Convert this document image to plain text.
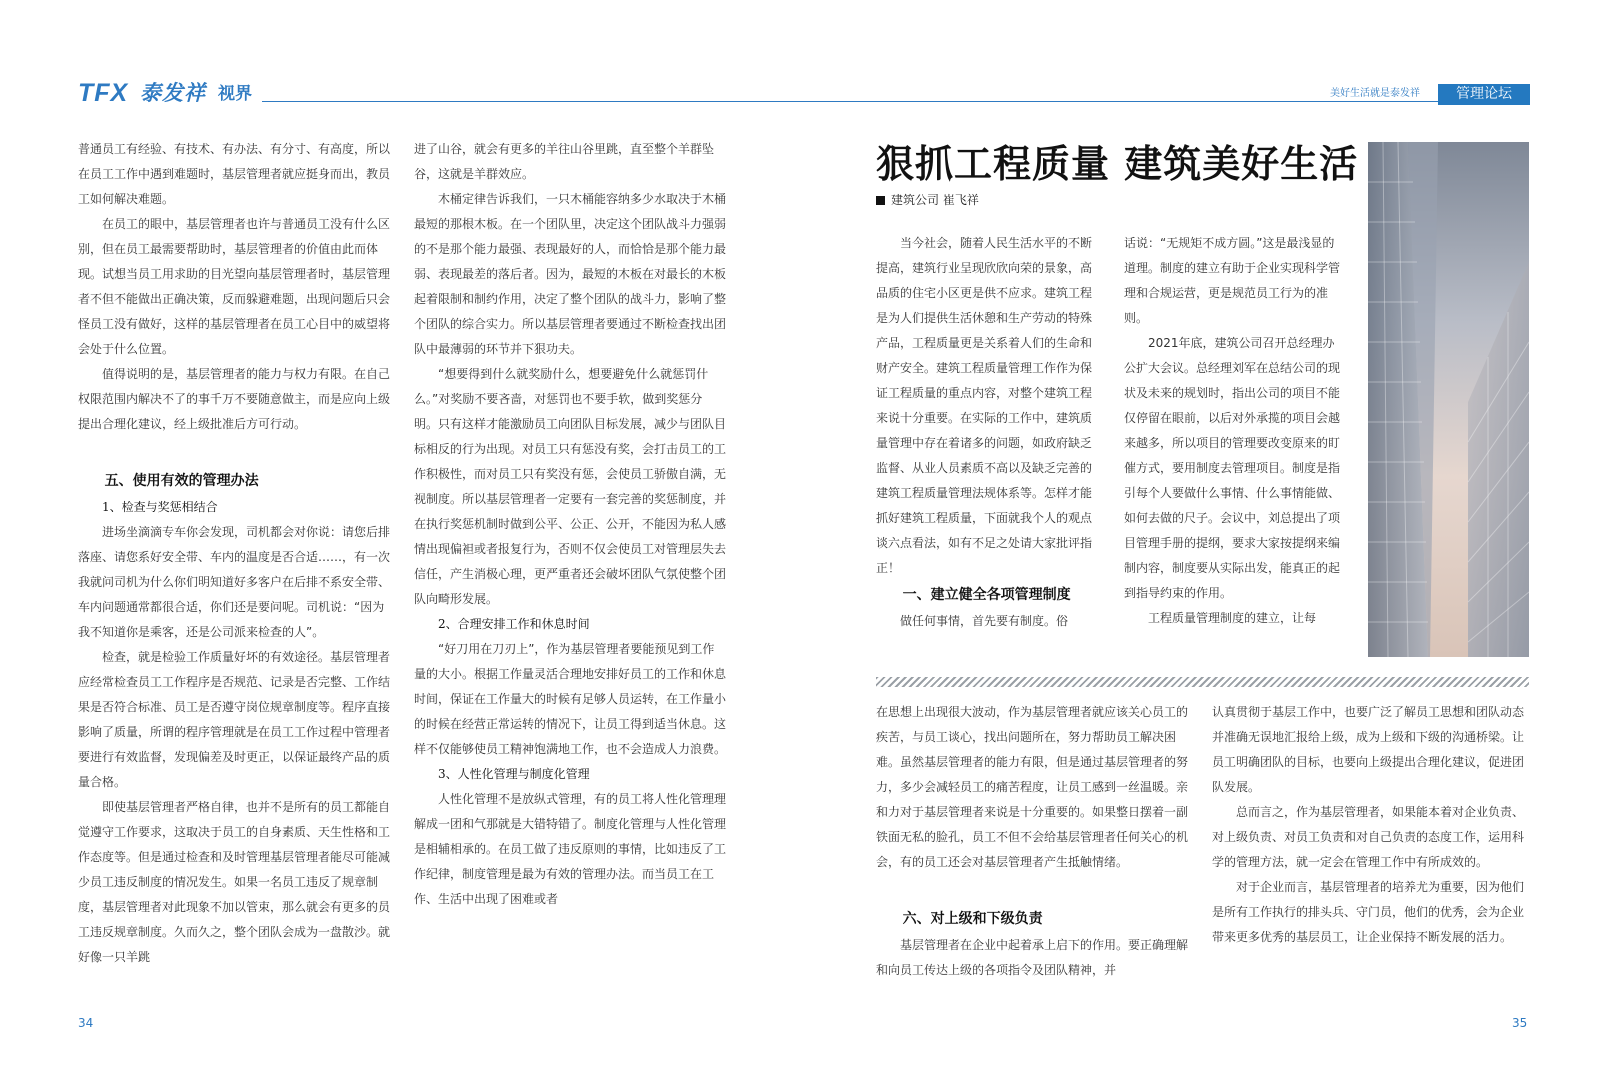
TFX 泰发祥 视界	美好生活就是泰发祥	管理论坛

普通员工有经验、有技术、有办法、有分寸、有高度，所以在员工工作中遇到难题时，基层管理者就应挺身而出，教员工如何解决难题。

在员工的眼中，基层管理者也许与普通员工没有什么区别，但在员工最需要帮助时，基层管理者的价值由此而体现。试想当员工用求助的目光望向基层管理者时，基层管理者不但不能做出正确决策，反而躲避难题，出现问题后只会怪员工没有做好，这样的基层管理者在员工心目中的威望将会处于什么位置。

值得说明的是，基层管理者的能力与权力有限。在自己权限范围内解决不了的事千万不要随意做主，而是应向上级提出合理化建议，经上级批准后方可行动。

五、使用有效的管理办法
1、检查与奖惩相结合

进场坐滴滴专车你会发现，司机都会对你说：请您后排落座、请您系好安全带、车内的温度是否合适……，有一次我就问司机为什么你们明知道好多客户在后排不系安全带、车内问题通常都很合适，你们还是要问呢。司机说：“因为我不知道你是乘客，还是公司派来检查的人”。

检查，就是检验工作质量好坏的有效途径。基层管理者应经常检查员工工作程序是否规范、记录是否完整、工作结果是否符合标准、员工是否遵守岗位规章制度等。程序直接影响了质量，所谓的程序管理就是在员工工作过程中管理者要进行有效监督，发现偏差及时更正，以保证最终产品的质量合格。

即使基层管理者严格自律，也并不是所有的员工都能自觉遵守工作要求，这取决于员工的自身素质、天生性格和工作态度等。但是通过检查和及时管理基层管理者能尽可能减少员工违反制度的情况发生。如果一名员工违反了规章制度，基层管理者对此现象不加以管束，那么就会有更多的员工违反规章制度。久而久之，整个团队会成为一盘散沙。就好像一只羊跳

进了山谷，就会有更多的羊往山谷里跳，直至整个羊群坠谷，这就是羊群效应。

木桶定律告诉我们，一只木桶能容纳多少水取决于木桶最短的那根木板。在一个团队里，决定这个团队战斗力强弱的不是那个能力最强、表现最好的人，而恰恰是那个能力最弱、表现最差的落后者。因为，最短的木板在对最长的木板起着限制和制约作用，决定了整个团队的战斗力，影响了整个团队的综合实力。所以基层管理者要通过不断检查找出团队中最薄弱的环节并下狠功夫。

“想要得到什么就奖励什么，想要避免什么就惩罚什么。”对奖励不要吝啬，对惩罚也不要手软，做到奖惩分明。只有这样才能激励员工向团队目标发展，减少与团队目标相反的行为出现。对员工只有惩没有奖，会打击员工的工作积极性，而对员工只有奖没有惩，会使员工骄傲自满，无视制度。所以基层管理者一定要有一套完善的奖惩制度，并在执行奖惩机制时做到公平、公正、公开，不能因为私人感情出现偏袒或者报复行为，否则不仅会使员工对管理层失去信任，产生消极心理，更严重者还会破坏团队气氛使整个团队向畸形发展。

2、合理安排工作和休息时间

“好刀用在刀刃上”，作为基层管理者要能预见到工作量的大小。根据工作量灵活合理地安排好员工的工作和休息时间，保证在工作量大的时候有足够人员运转，在工作量小的时候在经营正常运转的情况下，让员工得到适当休息。这样不仅能够使员工精神饱满地工作，也不会造成人力浪费。

3、人性化管理与制度化管理

人性化管理不是放纵式管理，有的员工将人性化管理理解成一团和气那就是大错特错了。制度化管理与人性化管理是相辅相承的。在员工做了违反原则的事情，比如违反了工作纪律，制度管理是最为有效的管理办法。而当员工在工作、生活中出现了困难或者

34
狠抓工程质量 建筑美好生活
建筑公司 崔飞祥

当今社会，随着人民生活水平的不断提高，建筑行业呈现欣欣向荣的景象，高品质的住宅小区更是供不应求。建筑工程是为人们提供生活休憩和生产劳动的特殊产品，工程质量更是关系着人们的生命和财产安全。建筑工程质量管理工作作为保证工程质量的重点内容，对整个建筑工程来说十分重要。在实际的工作中，建筑质量管理中存在着诸多的问题，如政府缺乏监督、从业人员素质不高以及缺乏完善的建筑工程质量管理法规体系等。怎样才能抓好建筑工程质量，下面就我个人的观点谈六点看法，如有不足之处请大家批评指正！

一、建立健全各项管理制度

做任何事情，首先要有制度。俗

话说：“无规矩不成方圆。”这是最浅显的道理。制度的建立有助于企业实现科学管理和合规运营，更是规范员工行为的准则。

2021年底，建筑公司召开总经理办公扩大会议。总经理刘军在总结公司的现状及未来的规划时，指出公司的项目不能仅停留在眼前，以后对外承揽的项目会越来越多，所以项目的管理要改变原来的盯催方式，要用制度去管理项目。制度是指引每个人要做什么事情、什么事情能做、如何去做的尺子。会议中，刘总提出了项目管理手册的提纲，要求大家按提纲来编制内容，制度要从实际出发，能真正的起到指导约束的作用。

工程质量管理制度的建立，让每

在思想上出现很大波动，作为基层管理者就应该关心员工的疾苦，与员工谈心，找出问题所在，努力帮助员工解决困难。虽然基层管理者的能力有限，但是通过基层管理者的努力，多少会减轻员工的痛苦程度，让员工感到一丝温暖。亲和力对于基层管理者来说是十分重要的。如果整日摆着一副铁面无私的脸孔，员工不但不会给基层管理者任何关心的机会，有的员工还会对基层管理者产生抵触情绪。

六、对上级和下级负责

基层管理者在企业中起着承上启下的作用。要正确理解和向员工传达上级的各项指令及团队精神，并

认真贯彻于基层工作中，也要广泛了解员工思想和团队动态并准确无误地汇报给上级，成为上级和下级的沟通桥梁。让员工明确团队的目标，也要向上级提出合理化建议，促进团队发展。

总而言之，作为基层管理者，如果能本着对企业负责、对上级负责、对员工负责和对自己负责的态度工作，运用科学的管理方法，就一定会在管理工作中有所成效的。

对于企业而言，基层管理者的培养尤为重要，因为他们是所有工作执行的排头兵、守门员，他们的优秀，会为企业带来更多优秀的基层员工，让企业保持不断发展的活力。

35
